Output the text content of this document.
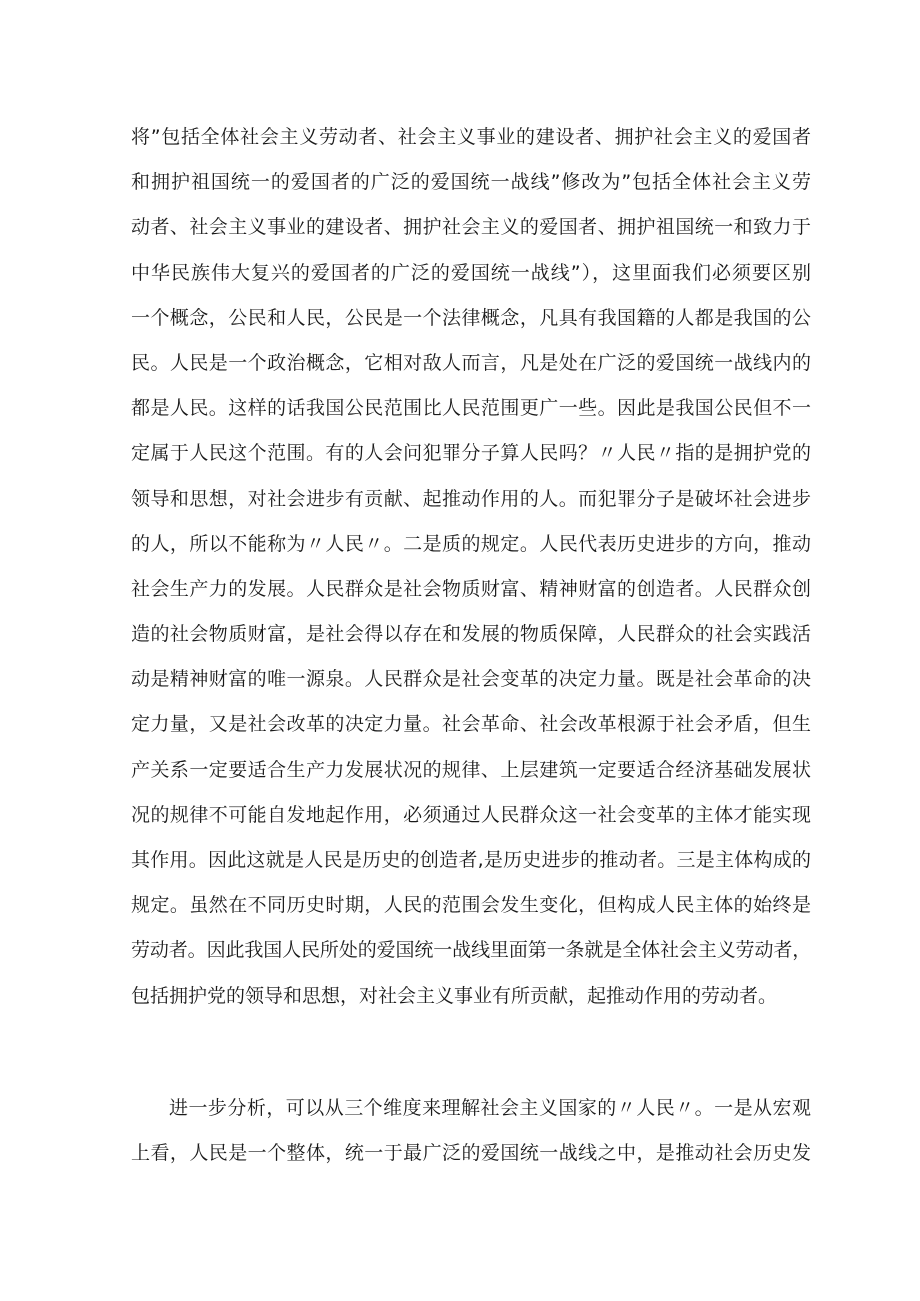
将”包括全体社会主义劳动者、社会主义事业的建设者、拥护社会主义的爱国者
和拥护祖国统一的爱国者的广泛的爱国统一战线”修改为”包括全体社会主义劳
动者、社会主义事业的建设者、拥护社会主义的爱国者、拥护祖国统一和致力于
中华民族伟大复兴的爱国者的广泛的爱国统一战线”），这里面我们必须要区别
一个概念，公民和人民，公民是一个法律概念，凡具有我国籍的人都是我国的公
民。人民是一个政治概念，它相对敌人而言，凡是处在广泛的爱国统一战线内的
都是人民。这样的话我国公民范围比人民范围更广一些。因此是我国公民但不一
定属于人民这个范围。有的人会问犯罪分子算人民吗？〃人民〃指的是拥护党的
领导和思想，对社会进步有贡献、起推动作用的人。而犯罪分子是破坏社会进步
的人，所以不能称为〃人民〃。二是质的规定。人民代表历史进步的方向，推动
社会生产力的发展。人民群众是社会物质财富、精神财富的创造者。人民群众创
造的社会物质财富，是社会得以存在和发展的物质保障，人民群众的社会实践活
动是精神财富的唯一源泉。人民群众是社会变革的决定力量。既是社会革命的决
定力量，又是社会改革的决定力量。社会革命、社会改革根源于社会矛盾，但生
产关系一定要适合生产力发展状况的规律、上层建筑一定要适合经济基础发展状
况的规律不可能自发地起作用，必须通过人民群众这一社会变革的主体才能实现
其作用。因此这就是人民是历史的创造者,是历史进步的推动者。三是主体构成的
规定。虽然在不同历史时期，人民的范围会发生变化，但构成人民主体的始终是
劳动者。因此我国人民所处的爱国统一战线里面第一条就是全体社会主义劳动者，
包括拥护党的领导和思想，对社会主义事业有所贡献，起推动作用的劳动者。
进一步分析，可以从三个维度来理解社会主义国家的〃人民〃。一是从宏观
上看，人民是一个整体，统一于最广泛的爱国统一战线之中，是推动社会历史发
